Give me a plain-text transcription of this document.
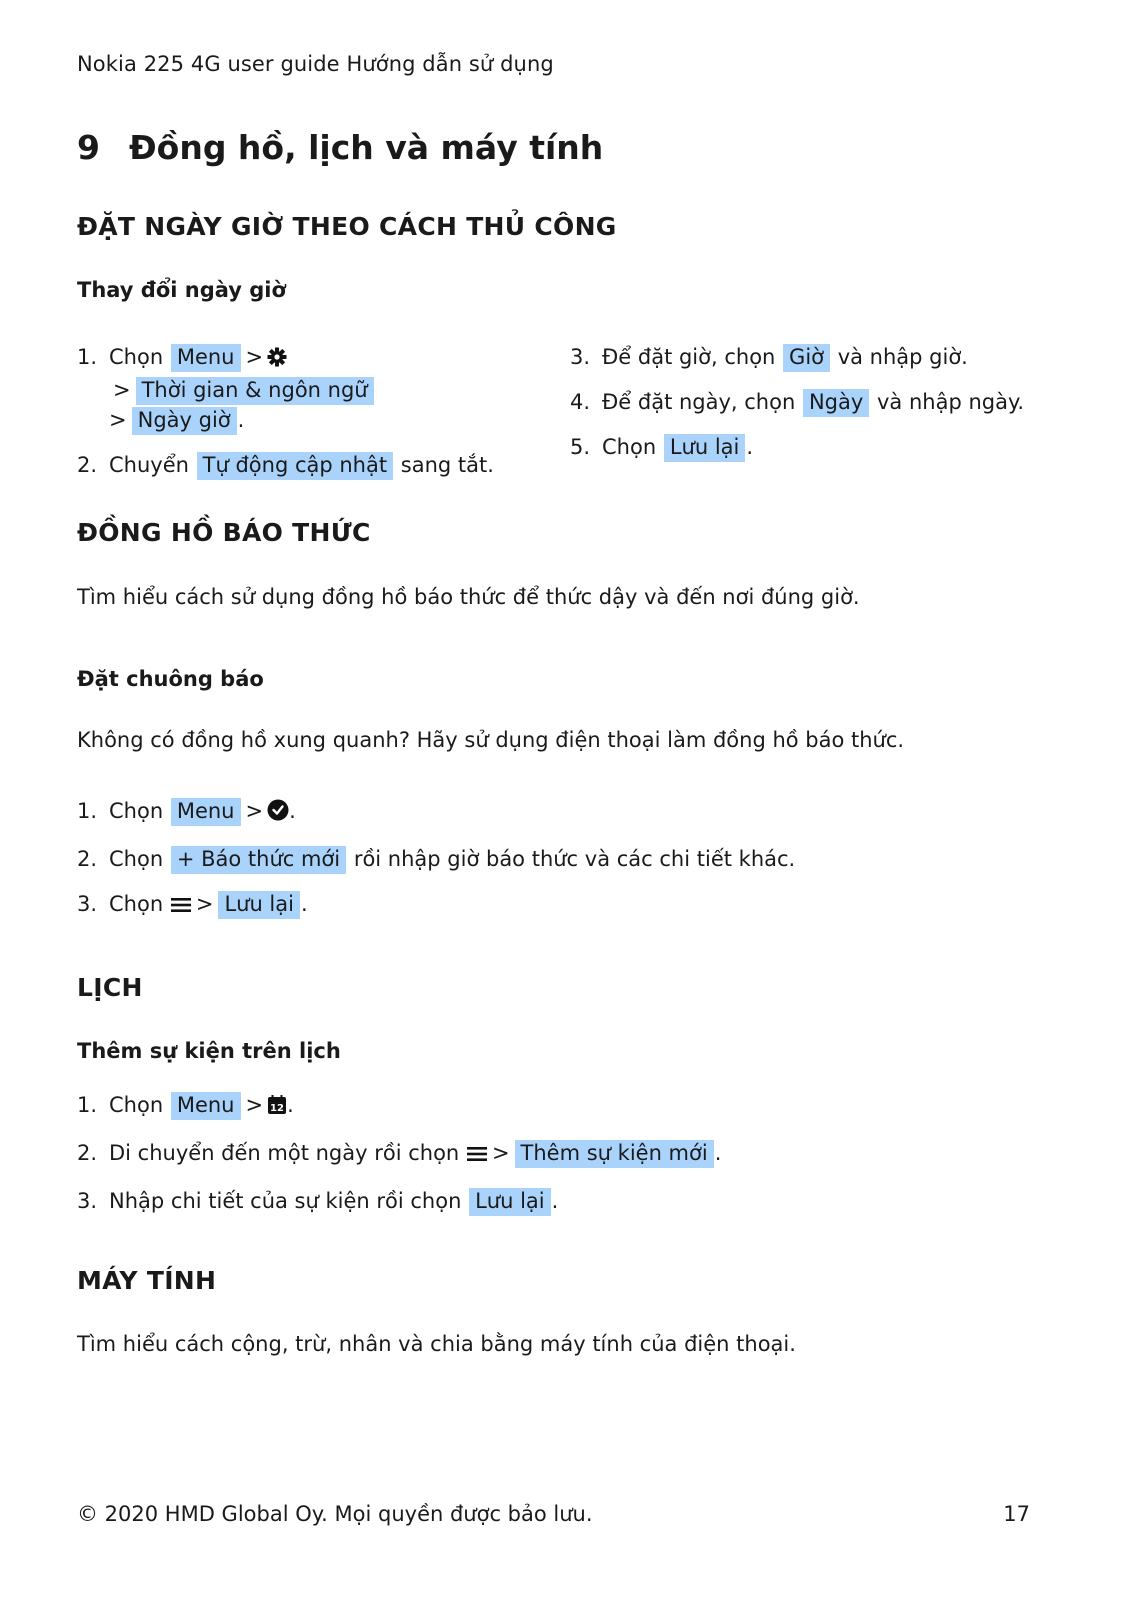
Nokia 225 4G user guide Hướng dẫn sử dụng
9 Đồng hồ, lịch và máy tính
ĐẶT NGÀY GIỜ THEO CÁCH THỦ CÔNG
Thay đổi ngày giờ
1. Chọn Menu >> Thời gian & ngôn ngữ
> Ngày giờ .
2. Chuyển Tự động cập nhật sang tắt.
3. Để đặt giờ, chọn Giờ và nhập giờ.
4. Để đặt ngày, chọn Ngày và nhập ngày.
5. Chọn Lưu lại .
ĐỒNG HỒ BÁO THỨC
Tìm hiểu cách sử dụng đồng hồ báo thức để thức dậy và đến nơi đúng giờ.
Đặt chuông báo
Không có đồng hồ xung quanh? Hãy sử dụng điện thoại làm đồng hồ báo thức.
1. Chọn Menu > .
2. Chọn + Báo thức mới rồi nhập giờ báo thức và các chi tiết khác.
3. Chọn > Lưu lại .
LỊCH
Thêm sự kiện trên lịch
1. Chọn Menu > 12 .
2. Di chuyển đến một ngày rồi chọn > Thêm sự kiện mới .
3. Nhập chi tiết của sự kiện rồi chọn Lưu lại .
MÁY TÍNH
Tìm hiểu cách cộng, trừ, nhân và chia bằng máy tính của điện thoại.
© 2020 HMD Global Oy. Mọi quyền được bảo lưu.	17
